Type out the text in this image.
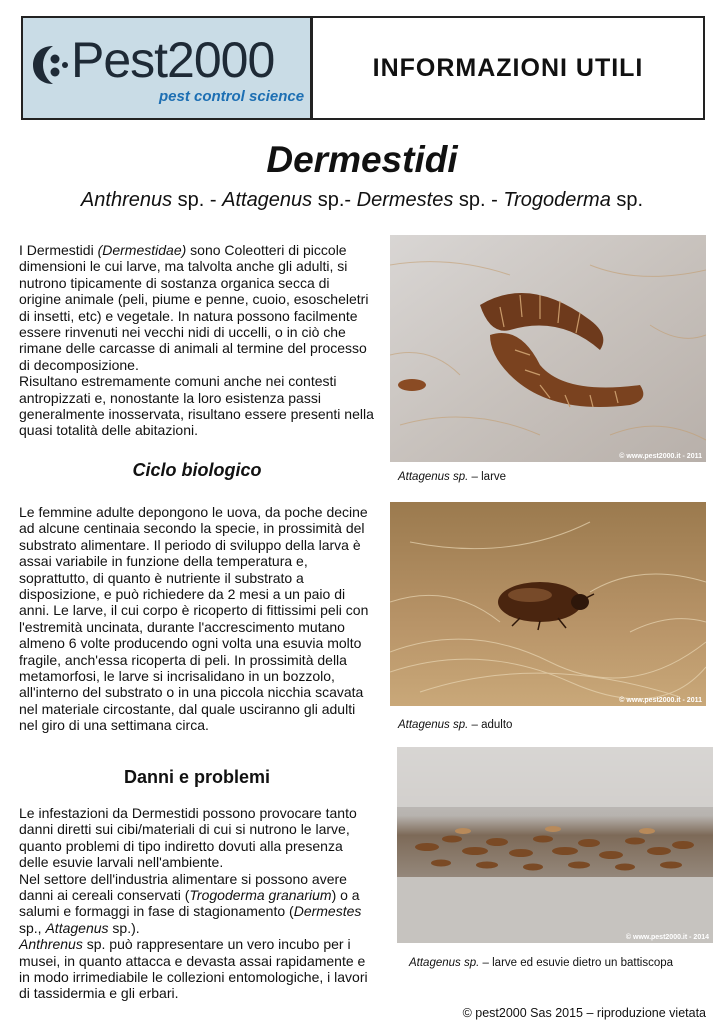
Pest2000
pest control science
INFORMAZIONI UTILI
Dermestidi
Anthrenus sp. - Attagenus sp.- Dermestes sp. - Trogoderma sp.

I Dermestidi (Dermestidae) sono Coleotteri di piccole dimensioni le cui larve, ma talvolta anche gli adulti, si nutrono tipicamente di sostanza organica secca di origine animale (peli, piume e penne, cuoio, esoscheletri di insetti, etc) e vegetale. In natura possono facilmente essere rinvenuti nei vecchi nidi di uccelli, o in ciò che rimane delle carcasse di animali al termine del processo di decomposizione.

Risultano estremamente comuni anche nei contesti antropizzati e, nonostante la loro esistenza passi generalmente inosservata, risultano essere presenti nella quasi totalità delle abitazioni.

Ciclo biologico

Le femmine adulte depongono le uova, da poche decine ad alcune centinaia secondo la specie, in prossimità del substrato alimentare. Il periodo di sviluppo della larva è assai variabile in funzione della temperatura e, soprattutto, di quanto è nutriente il substrato a disposizione, e può richiedere da 2 mesi a un paio di anni. Le larve, il cui corpo è ricoperto di fittissimi peli con l'estremità uncinata, durante l'accrescimento mutano almeno 6 volte producendo ogni volta una esuvia molto fragile, anch'essa ricoperta di peli. In prossimità della metamorfosi, le larve si incrisalidano in un bozzolo, all'interno del substrato o in una piccola nicchia scavata nel materiale circostante, dal quale usciranno gli adulti nel giro di una settimana circa.

Danni e problemi

Le infestazioni da Dermestidi possono provocare tanto danni diretti sui cibi/materiali di cui si nutrono le larve, quanto problemi di tipo indiretto dovuti alla presenza delle esuvie larvali nell'ambiente.

Nel settore dell'industria alimentare si possono avere danni ai cereali conservati (Trogoderma granarium) o a salumi e formaggi in fase di stagionamento (Dermestes sp., Attagenus sp.).

Anthrenus sp. può rappresentare un vero incubo per i musei, in quanto attacca e devasta assai rapidamente e in modo irrimediabile le collezioni entomologiche, i lavori di tassidermia e gli erbari.

© www.pest2000.it - 2011
Attagenus sp. – larve
© www.pest2000.it - 2011
Attagenus sp. – adulto
© www.pest2000.it - 2014
Attagenus sp. – larve ed esuvie dietro un battiscopa
© pest2000 Sas 2015 – riproduzione vietata
